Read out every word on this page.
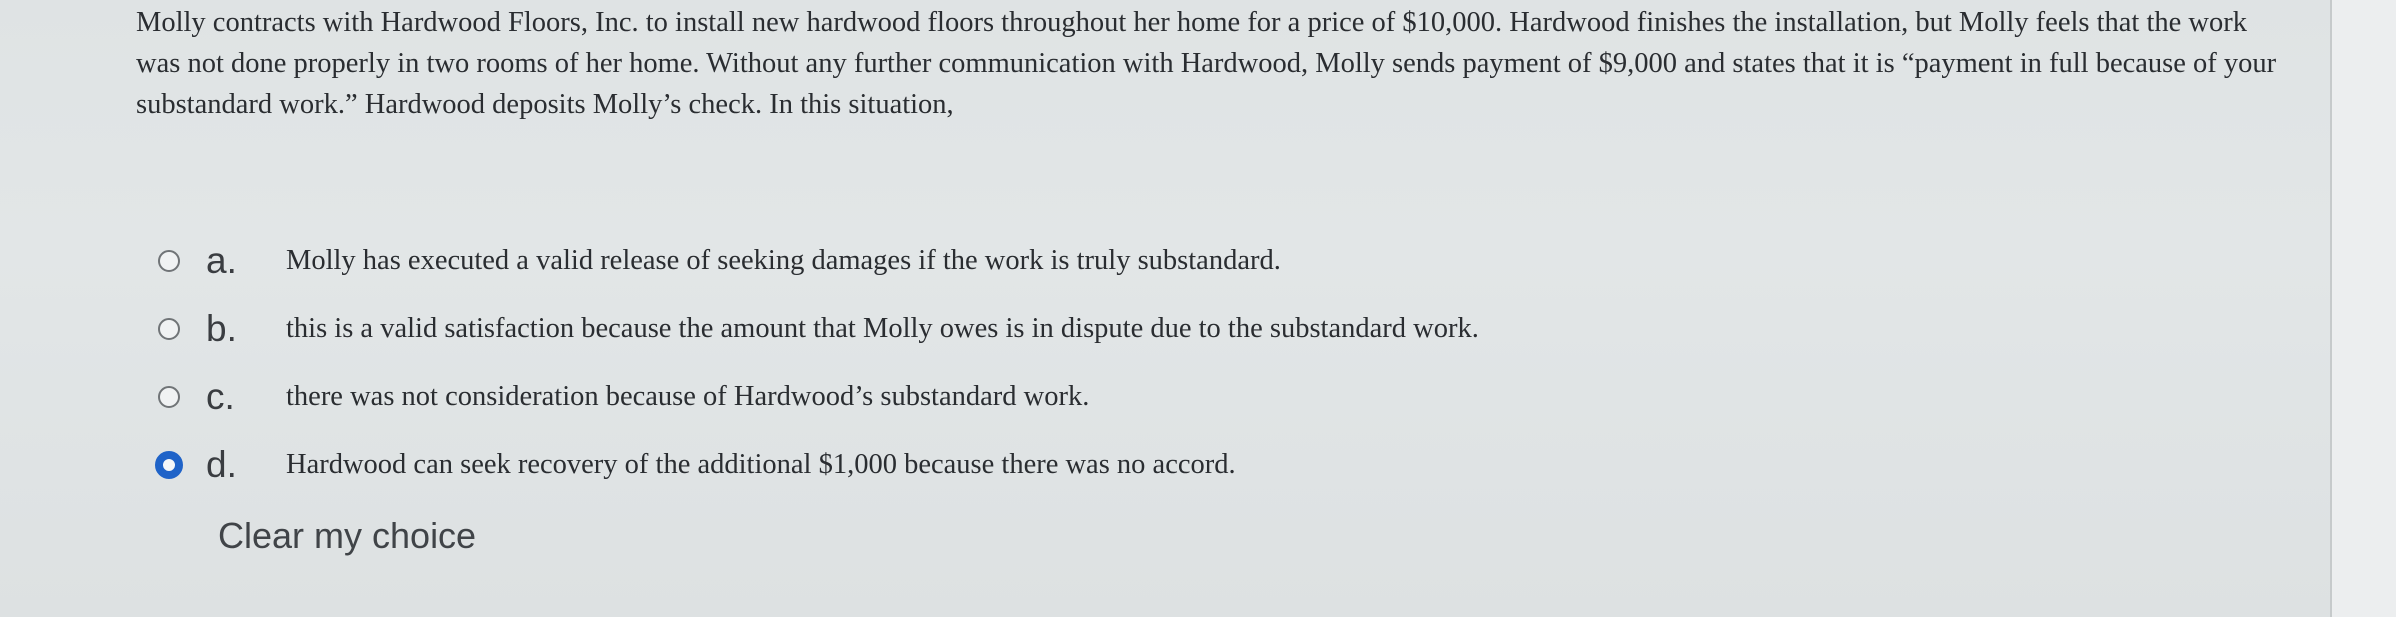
Molly contracts with Hardwood Floors, Inc. to install new hardwood floors throughout her home for a price of $10,000. Hardwood finishes the installation, but Molly feels that the work was not done properly in two rooms of her home. Without any further communication with Hardwood, Molly sends payment of $9,000 and states that it is “payment in full because of your substandard work.” Hardwood deposits Molly’s check. In this situation,

a.	Molly has executed a valid release of seeking damages if the work is truly substandard.
b.	this is a valid satisfaction because the amount that Molly owes is in dispute due to the substandard work.
c.	there was not consideration because of Hardwood’s substandard work.
d.	Hardwood can seek recovery of the additional $1,000 because there was no accord.
Clear my choice
